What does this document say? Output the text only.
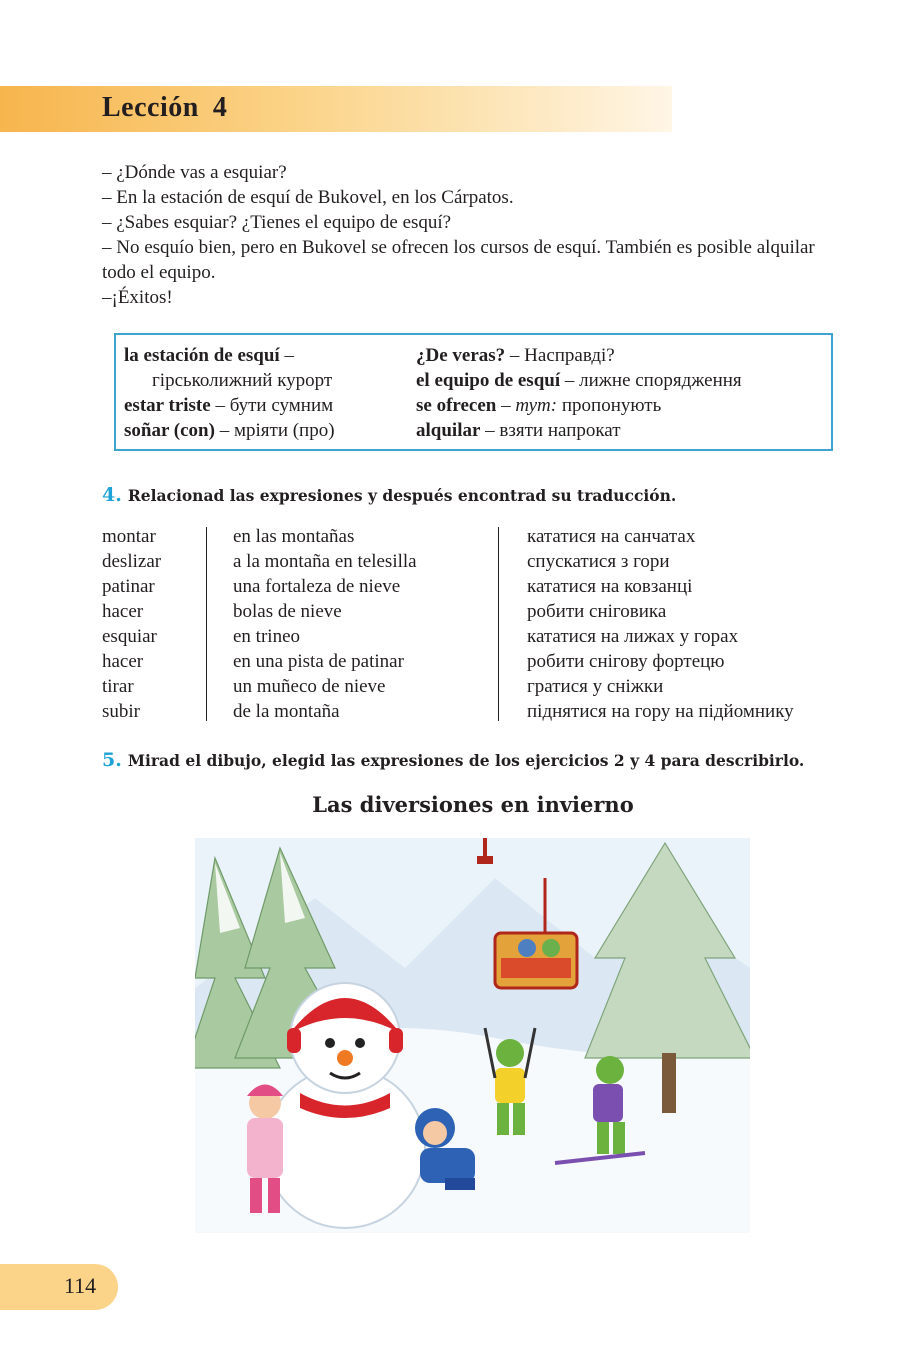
Lección 4

– ¿Dónde vas a esquiar?

– En la estación de esquí de Bukovel, en los Cárpatos.

– ¿Sabes esquiar? ¿Tienes el equipo de esquí?

– No esquío bien, pero en Bukovel se ofrecen los cursos de esquí. También es posible alquilar todo el equipo.

–¡Éxitos!

la estación de esquí –
гірськолижний курорт
estar triste – бути сумним
soñar (con) – мріяти (про)
¿De veras? – Насправді?
el equipo de esquí – лижне спорядження
se ofrecen – тут: пропонують
alquilar – взяти напрокат
4. Relacionad las expresiones y después encontrad su traducción.
montar
deslizar
patinar
hacer
esquiar
hacer
tirar
subir
en las montañas
a la montaña en telesilla
una fortaleza de nieve
bolas de nieve
en trineo
en una pista de patinar
un muñeco de nieve
de la montaña
кататися на санчатах
спускатися з гори
кататися на ковзанці
робити сніговика
кататися на лижах у горах
робити снігову фортецю
гратися у сніжки
піднятися на гору на підйомнику
5. Mirad el dibujo, elegid las expresiones de los ejercicios 2 y 4 para describirlo.
Las diversiones en invierno
114
